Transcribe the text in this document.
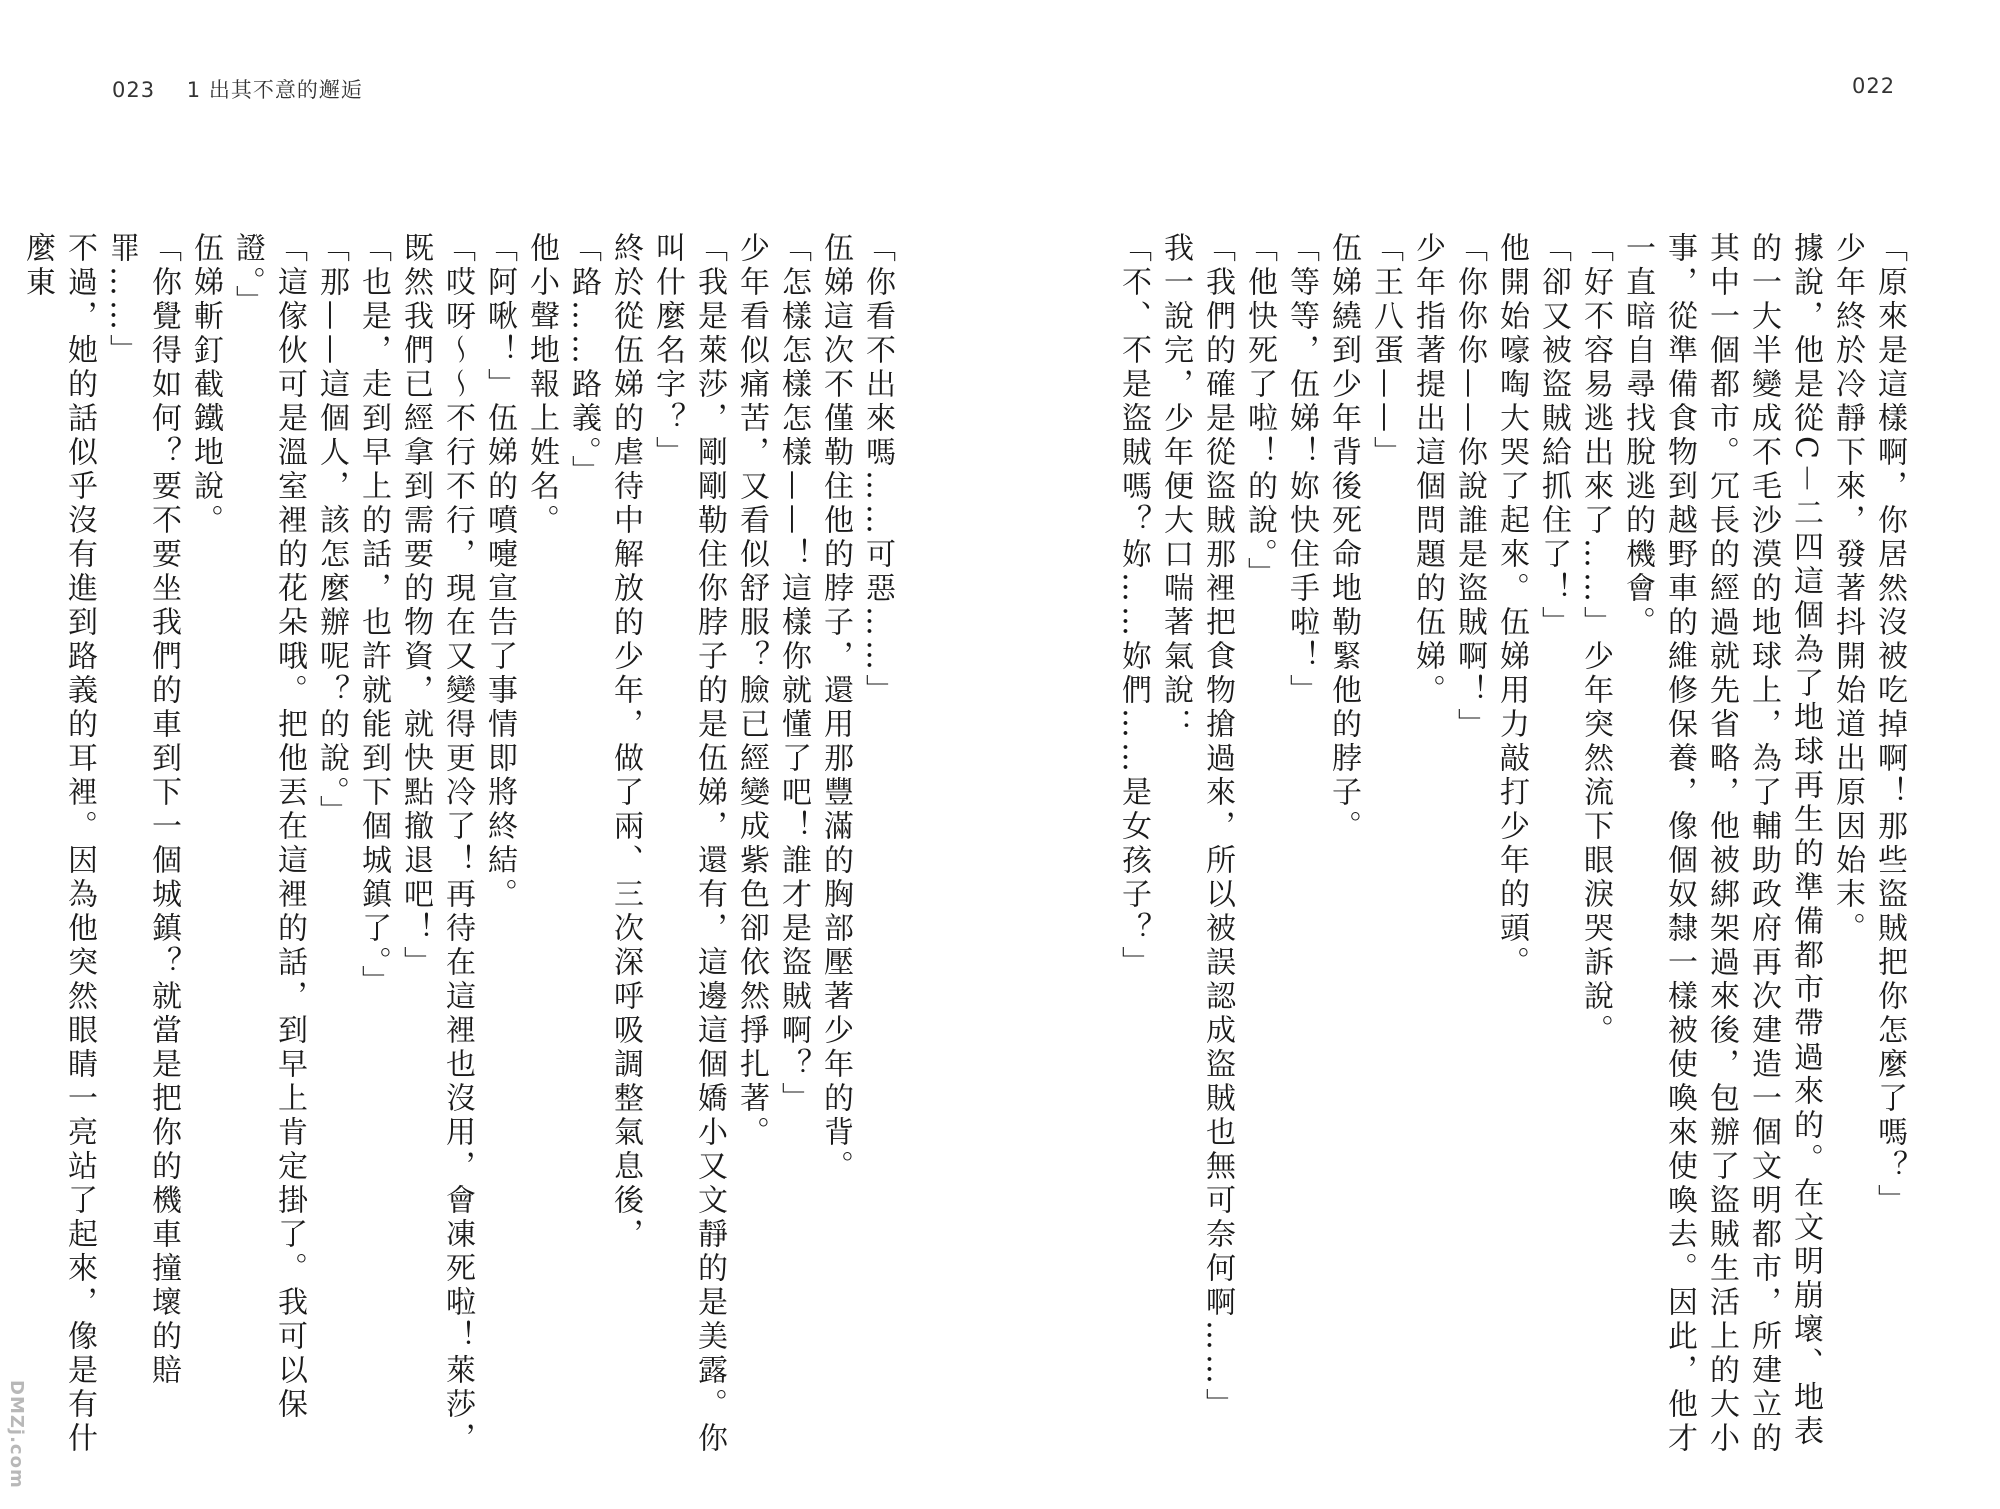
023 1 出其不意的邂逅	022

「原來是這樣啊，你居然沒被吃掉啊！那些盜賊把你怎麼了嗎？」

少年終於冷靜下來，發著抖開始道出原因始末。

據說，他是從C－二四這個為了地球再生的準備都市帶過來的。在文明崩壞、地表的一大半變成不毛沙漠的地球上，為了輔助政府再次建造一個文明都市，所建立的其中一個都市。冗長的經過就先省略，他被綁架過來後，包辦了盜賊生活上的大小事，從準備食物到越野車的維修保養，像個奴隸一樣被使喚來使喚去。因此，他才一直暗自尋找脫逃的機會。

「好不容易逃出來了……」少年突然流下眼淚哭訴說。

「卻又被盜賊給抓住了！」

他開始嚎啕大哭了起來。伍娣用力敲打少年的頭。

「你你你——你說誰是盜賊啊！」

少年指著提出這個問題的伍娣。

「王八蛋——」

伍娣繞到少年背後死命地勒緊他的脖子。

「等等，伍娣！妳快住手啦！」

「他快死了啦！的說。」

「我們的確是從盜賊那裡把食物搶過來，所以被誤認成盜賊也無可奈何啊……」

我一說完，少年便大口喘著氣說：

「不、不是盜賊嗎？妳……妳們……是女孩子？」

「你看不出來嗎……可惡……」

伍娣這次不僅勒住他的脖子，還用那豐滿的胸部壓著少年的背。

「怎樣怎樣怎樣——！這樣你就懂了吧！誰才是盜賊啊？」

少年看似痛苦，又看似舒服？臉已經變成紫色卻依然掙扎著。

「我是萊莎，剛剛勒住你脖子的是伍娣，還有，這邊這個嬌小又文靜的是美露。你叫什麼名字？」

終於從伍娣的虐待中解放的少年，做了兩、三次深呼吸調整氣息後，

「路……路義。」

他小聲地報上姓名。

「阿啾！」伍娣的噴嚏宣告了事情即將終結。

「哎呀～～不行不行，現在又變得更冷了！再待在這裡也沒用，會凍死啦！萊莎，既然我們已經拿到需要的物資，就快點撤退吧！」

「也是，走到早上的話，也許就能到下個城鎮了。」

「那——這個人，該怎麼辦呢？的說。」

「這傢伙可是溫室裡的花朵哦。把他丟在這裡的話，到早上肯定掛了。我可以保證。」

伍娣斬釘截鐵地說。

「你覺得如何？要不要坐我們的車到下一個城鎮？就當是把你的機車撞壞的賠罪……」

不過，她的話似乎沒有進到路義的耳裡。因為他突然眼睛一亮站了起來，像是有什麼東

DMZj.com
